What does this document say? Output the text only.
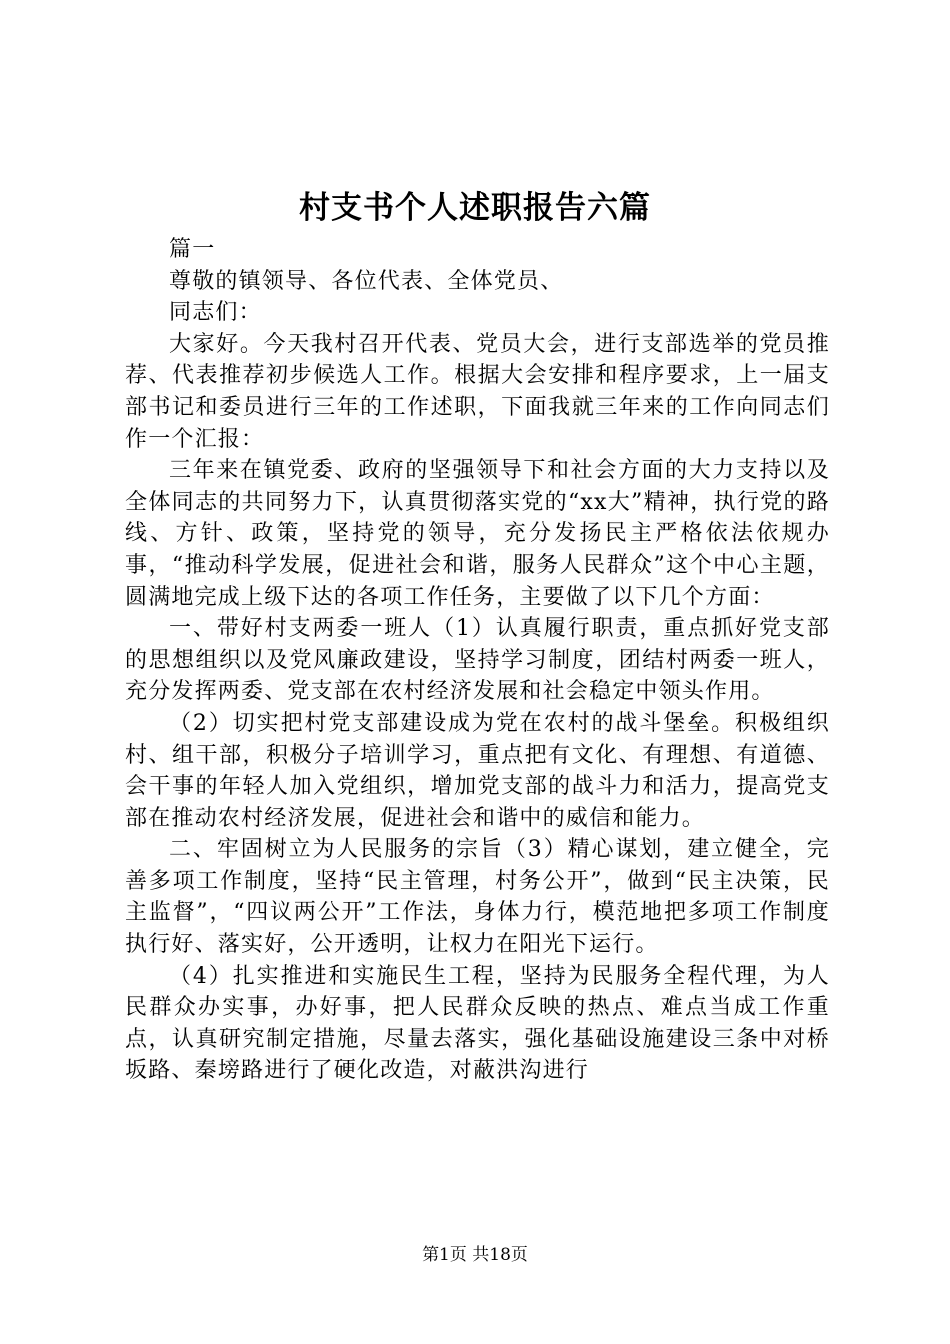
村支书个人述职报告六篇

篇一

尊敬的镇领导、各位代表、全体党员、

同志们：

大家好。今天我村召开代表、党员大会，进行支部选举的党员推荐、代表推荐初步候选人工作。根据大会安排和程序要求，上一届支部书记和委员进行三年的工作述职，下面我就三年来的工作向同志们作一个汇报：

三年来在镇党委、政府的坚强领导下和社会方面的大力支持以及全体同志的共同努力下，认真贯彻落实党的“xx大”精神，执行党的路线、方针、政策，坚持党的领导，充分发扬民主严格依法依规办事，“推动科学发展，促进社会和谐，服务人民群众”这个中心主题，圆满地完成上级下达的各项工作任务，主要做了以下几个方面：

一、带好村支两委一班人（1）认真履行职责，重点抓好党支部的思想组织以及党风廉政建设，坚持学习制度，团结村两委一班人，充分发挥两委、党支部在农村经济发展和社会稳定中领头作用。

（2）切实把村党支部建设成为党在农村的战斗堡垒。积极组织村、组干部，积极分子培训学习，重点把有文化、有理想、有道德、会干事的年轻人加入党组织，增加党支部的战斗力和活力，提高党支部在推动农村经济发展，促进社会和谐中的威信和能力。

二、牢固树立为人民服务的宗旨（3）精心谋划，建立健全，完善多项工作制度，坚持“民主管理，村务公开”，做到“民主决策，民主监督”，“四议两公开”工作法，身体力行，模范地把多项工作制度执行好、落实好，公开透明，让权力在阳光下运行。

（4）扎实推进和实施民生工程，坚持为民服务全程代理，为人民群众办实事，办好事，把人民群众反映的热点、难点当成工作重点，认真研究制定措施，尽量去落实，强化基础设施建设三条中对桥坂路、秦塝路进行了硬化改造，对蔽洪沟进行

第1页 共18页
